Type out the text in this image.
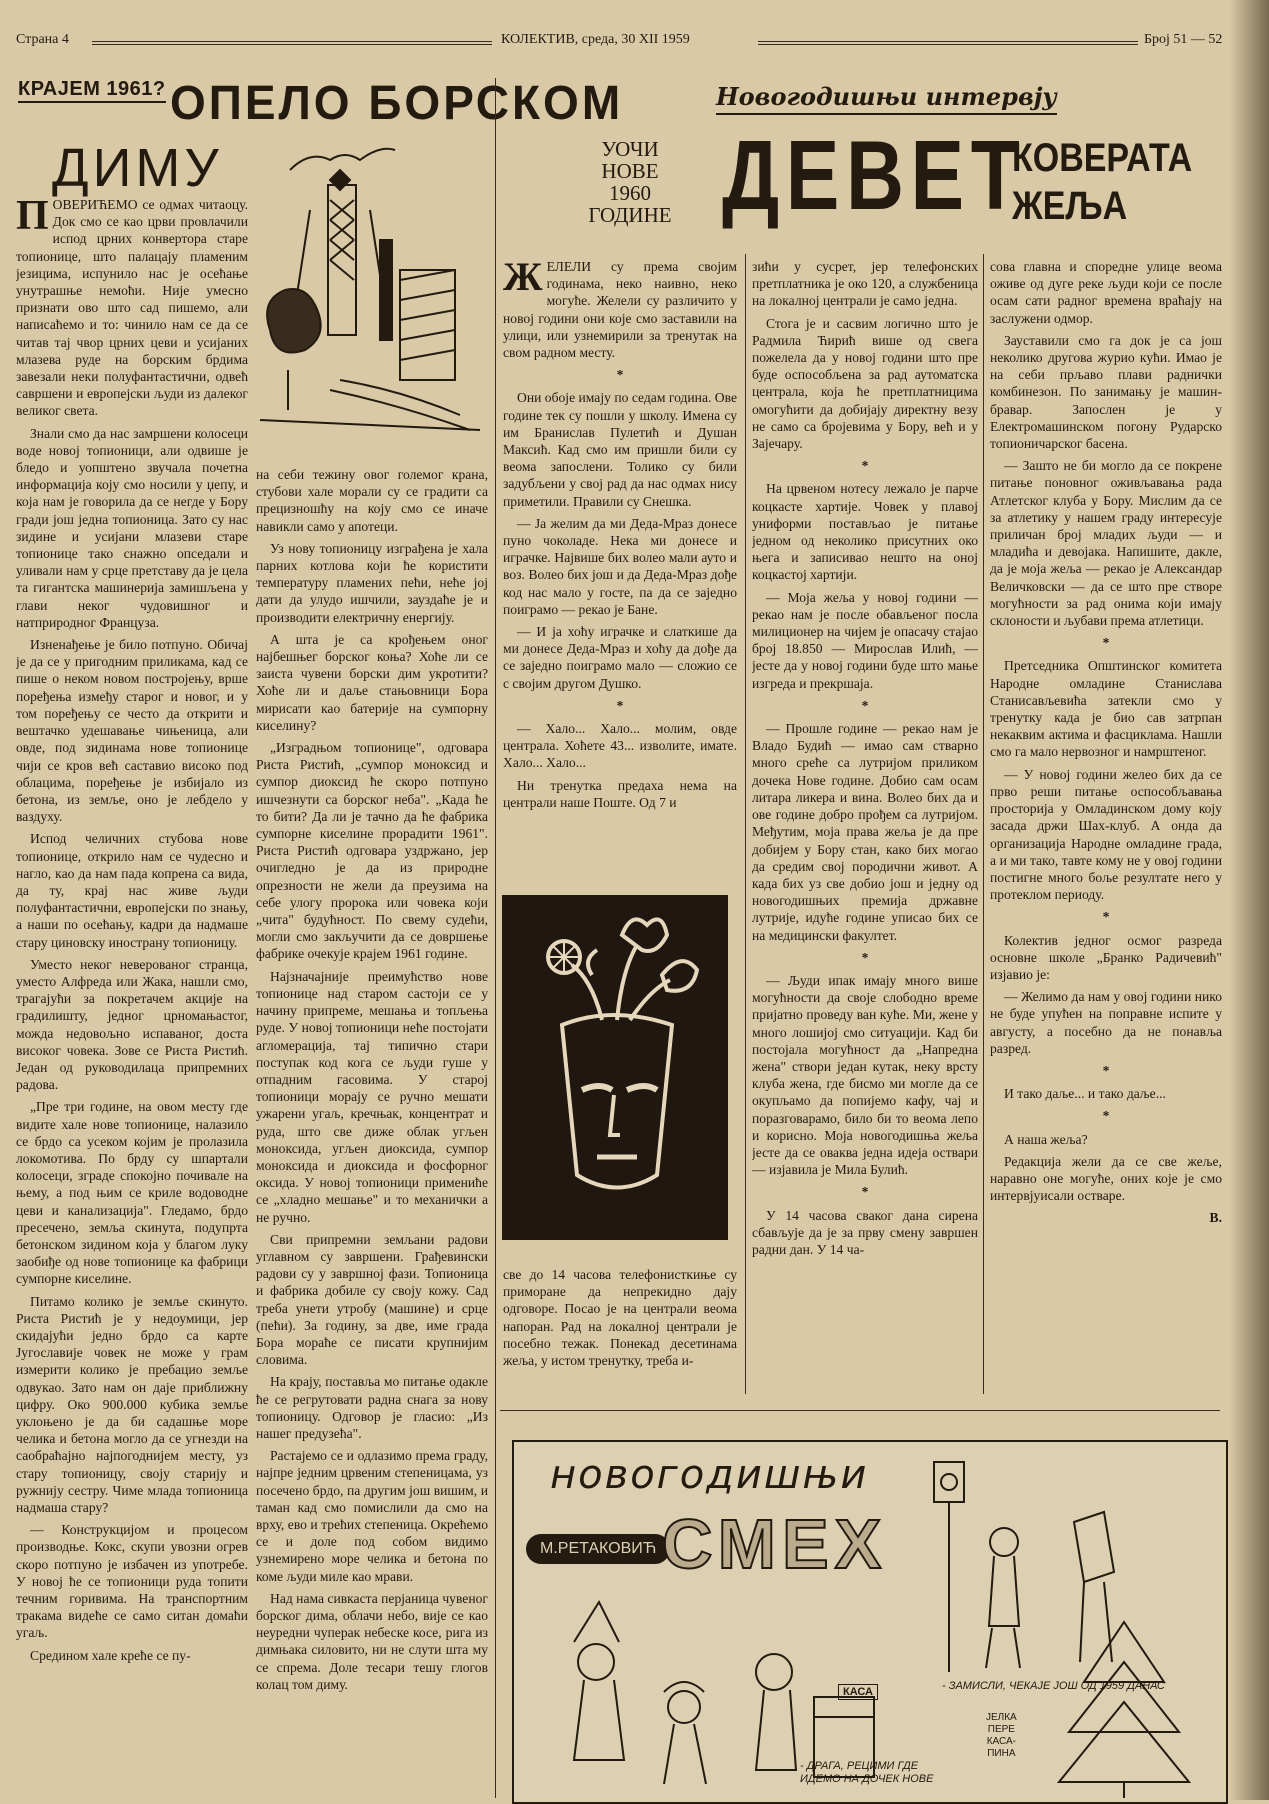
Страна 4	КОЛЕКТИВ, среда, 30 XII 1959	Број 51 — 52
КРАЈЕМ 1961? ОПЕЛО БОРСКОМ
ДИМУ

ПОВЕРИЋЕМО се одмах читаоцу. Док смо се као црви провлачили испод црних конвертора старе топионице, што палацају пламеним језицима, испунило нас је осећање унутрашње немоћи. Није умесно признати ово што сад пишемо, али написаћемо и то: чинило нам се да се читав тај чвор црних цеви и усијаних млазева руде на борским брдима завезали неки полуфантастични, одвећ савршени и европејски људи из далеког великог света.

Знали смо да нас замршени колосеци воде новој топионици, али одвише је бледо и уопштено звучала почетна информација коју смо носили у џепу, и која нам је говорила да се негде у Бору гради још једна топионица. Зато су нас зидине и усијани млазеви старе топионице тако снажно опседали и уливали нам у срце претставу да је цела та гигантска машинерија замишљена у глави неког чудовишног и натприродног Француза.

Изненађење је било потпуно. Обичај је да се у пригодним приликама, кад се пише о неком новом постројењу, врше поређења између старог и новог, и у том поређењу се често да открити и вештачко удешавање чињеница, али овде, под зидинама нове топионице чији се кров већ саставио високо под облацима, поређење је избијало из бетона, из земље, оно је лебдело у ваздуху.

Испод челичних стубова нове топионице, открило нам се чудесно и нагло, као да нам пада копрена са вида, да ту, крај нас живе људи полуфантастични, европејски по знању, а наши по осећању, кадри да надмаше стару циновску иностранy топионицу.

Уместо неког неверованог странца, уместо Алфреда или Жака, нашли смо, трагајући за покретачем акције на градилишту, једног црномањастог, можда недовољно испаваног, доста високог човека. Зове се Риста Ристић. Један од руководилаца припремних радова.

„Пре три године, на овом месту где видите хале нове топионице, налазило се брдо са усеком којим је пролазила локомотива. По брду су шпартали колосеци, зграде спокојно почивале на њему, а под њим се криле водоводне цеви и канализација". Гледамо, брдо пресечено, земља скинута, подупрта бетонском зидином која у благом луку заобиђе од нове топионице ка фабрици сумпорне киселине.

Питамо колико је земље скинуто. Риста Ристић је у недоумици, јер скидајући једно брдо са карте Југославије човек не може у грам измерити колико је пребацио земље одвукао. Зато нам он даје приближну цифру. Око 900.000 кубика земље уклоњено је да би садашње море челика и бетона могло да се угнезди на саобраћајно најпогоднијем месту, уз стару топионицу, своју старију и ружнију сестру. Чиме млада топионица надмаша стару?

— Конструкцијом и процесом производње. Кокс, скупи увозни огрев скоро потпуно је избачен из употребе. У новој ће се топионици руда топити течним горивима. На транспортним тракама видеће се само ситан домаћи угаљ.

Средином хале креће се пу-

на себи тежину овог големог крана, стубови хале морали су се градити са прецизношћу на коју смо се иначе навикли само у апотеци.

Уз нову топионицу изграђена је хала парних котлова који ће користити температуру пламених пећи, неће јој дати да улудо ишчили, зауздаће је и производити електричну енергију.

А шта је са крођењем оног најбешњег борског коња? Хоће ли се заиста чувени борски дим укротити? Хоће ли и даље стањовници Бора мирисати као батерије на сумпорну киселину?

„Изградњом топионице", одговара Риста Ристић, „сумпор моноксид и сумпор диоксид ће скоро потпуно ишчезнути са борског неба". „Када ће то бити? Да ли је тачно да ће фабрика сумпорне киселине прорадити 1961". Риста Ристић одговара уздржано, јер очигледно је да из природне опрезности не жели да преузима на себе улогу пророка или човека који „чита" будућност. По свему судећи, могли смо закључити да се довршење фабрике очекује крајем 1961 године.

Најзначајније преимућство нове топионице над старом састоји се у начину припреме, мешања и топљења руде. У новој топионици неће постојати агломерација, тај типично стари поступак код кога се људи гуше у отпадним гасовима. У старој топионици морају се ручно мешати ужарени угаљ, кречњак, концентрат и руда, што све диже облак угљен моноксида, угљен диоксида, сумпор моноксида и диоксида и фосфорног оксида. У новој топионици примениће се „хладно мешање" и то механички а не ручно.

Сви припремни земљани радови углавном су завршени. Грађевински радови су у завршној фази. Топионица и фабрика добиле су своју кожу. Сад треба унети утробу (машине) и срце (пећи). За годину, за две, име града Бора мораће се писати крупнијим словима.

На крају, поставља мо питање одакле ће се регрутовати радна снага за нову топионицу. Одговор је гласио: „Из нашег предузећа".

Растајемо се и одлазимо према граду, најпре једним црвеним степеницама, уз посечено брдо, па другим још вишим, и таман кад смо помислили да смо на врху, ево и трећих степеница. Окрећемо се и доле под собом видимо узнемирено море челика и бетона по коме људи миле као мрави.

Над нама сивкаста перјаница чувеног борског дима, облачи небо, вије се као неуредни чуперак небеске косе, рига из димњака силовито, ни не слути шта му се спрема. Доле тесари тешу глогов колац том диму.

Новогодишњи интервју
УОЧИ
НОВЕ
1960
ГОДИНЕ ДЕВЕТ
КОВЕРАТА
ЖЕЉА

ЖЕЛЕЛИ су према својим годинама, неко наивно, неко могуће. Желели су различито у новој години они које смо заставили на улици, или узнемирили за тренутак на свом радном месту.

*

Они обоје имају по седам година. Ове године тек су пошли у школу. Имена су им Бранислав Пулетић и Душан Максић. Кад смо им пришли били су веома запослени. Толико су били задубљени у свој рад да нас одмах нису приметили. Правили су Снешка.

— Ја желим да ми Деда-Мраз донесе пуно чоколаде. Нека ми донесе и играчке. Највише бих волео мали ауто и воз. Волео бих још и да Деда-Мраз дође код нас мало у госте, па да се заједно поиграмо — рекао је Бане.

— И ја хоћу играчке и слаткише да ми донесе Деда-Мраз и хоћу да дође да се заједно поиграмо мало — сложио се с својим другом Душко.

*

— Хало... Хало... молим, овде централа. Хоћете 43... изволите, имате. Хало... Хало...

Ни тренутка предаха нема на централи наше Поште. Од 7 и

све до 14 часова телефонисткиње су приморане да непрекидно дају одговоре. Посао је на централи веома напоран. Рад на локалној централи је посебно тежак. Понекад десетинама жеља, у истом тренутку, треба и-

зићи у сусрет, јер телефонских претплатника је око 120, а службеница на локалној централи је само једна.

Стога је и сасвим логично што је Радмила Ћирић више од свега пожелела да у новој години што пре буде оспособљена за рад аутоматска централа, која ће претплатницима омогућити да добијају директну везу не само са бројевима у Бору, већ и у Зајечару.

*

На црвеном нотесу лежало је парче коцкасте хартије. Човек у плавој униформи постављао је питање једном од неколико присутних око њега и записивао нешто на оној коцкастој хартији.

— Моја жеља у новој години — рекао нам је после обављеног посла милиционер на чијем је опасачу стајао број 18.850 — Мирослав Илић, — јесте да у новој години буде што мање изгреда и прекршаја.

*

— Прошле године — рекао нам је Владо Будић — имао сам стварно много среће са лутријом приликом дочека Нове године. Добио сам осам литара ликера и вина. Волео бих да и ове године добро прођем са лутријом. Међутим, моја права жеља је да пре добијем у Бору стан, како бих могао да средим свој породични живот. А када бих уз све добио још и једну од новогодишњих премија државне лутрије, идуће године уписао бих се на медицински факултет.

*

— Људи ипак имају много више могућности да своје слободно време пријатно проведу ван куће. Ми, жене у много лошијој смо ситуацији. Кад би постојала могућност да „Напредна жена" створи један кутак, неку врсту клуба жена, где бисмо ми могле да се окупљамо да попијемо кафу, чај и поразговарамо, било би то веома лепо и корисно. Моја новогодишња жеља јесте да се оваква једна идеја оствари — изјавила је Мила Булић.

*

У 14 часова сваког дана сирена сбављује да је за прву смену завршен радни дан. У 14 ча-

сова главна и споредне улице веома оживе од дуге реке људи који се после осам сати радног времена враћају на заслужени одмор.

Зауставили смо га док је са још неколико другова журио кући. Имао је на себи прљаво плави раднички комбинезон. По занимању је машин-бравар. Запослен је у Електромашинском погону Рударско топионичарског басена.

— Зашто не би могло да се покрене питање поновног оживљавања рада Атлетског клуба у Бору. Мислим да се за атлетику у нашем граду интересује приличан број младих људи — и младића и девојака. Напишите, дакле, да је моја жеља — рекао је Александар Величковски — да се што пре створе могућности за рад онима који имају склоности и љубави према атлетици.

*

Претседника Општинског комитета Народне омладине Станислава Станисављевића затекли смо у тренутку када је био сав затрпан некаквим актима и фасциклама. Нашли смо га мало нервозног и намрштеног.

— У новој години желео бих да се прво реши питање оспособљавања просторија у Омладинском дому коју засада држи Шах-клуб. А онда да организација Народне омладине града, а и ми тако, тавте кому не у овој години постигне много боље резултате него у протеклом периоду.

*

Колектив једног осмог разреда основне школе „Бранко Радичевић" изјавио је:

— Желимо да нам у овој години нико не буде упућен на поправне испите у августу, а посебно да не понавља разред.

*

И тако даље... и тако даље...

*

А наша жеља?

Редакција жели да се све жеље, наравно оне могуће, оних које је смо интервјуисали остваре.

В.

новогодишњи
М.РЕТАКОВИЋ СМЕХ
- ЗАМИСЛИ, ЧЕКАЈЕ ЈОШ ОД 1959 ДАНАС
КАСА
ЈЕЛКА
ПЕРЕ
КАСА-
ПИНА
- ДРАГА, РЕЦИМИ ГДЕ
ИДЕМО НА ДОЧЕК НОВЕ
